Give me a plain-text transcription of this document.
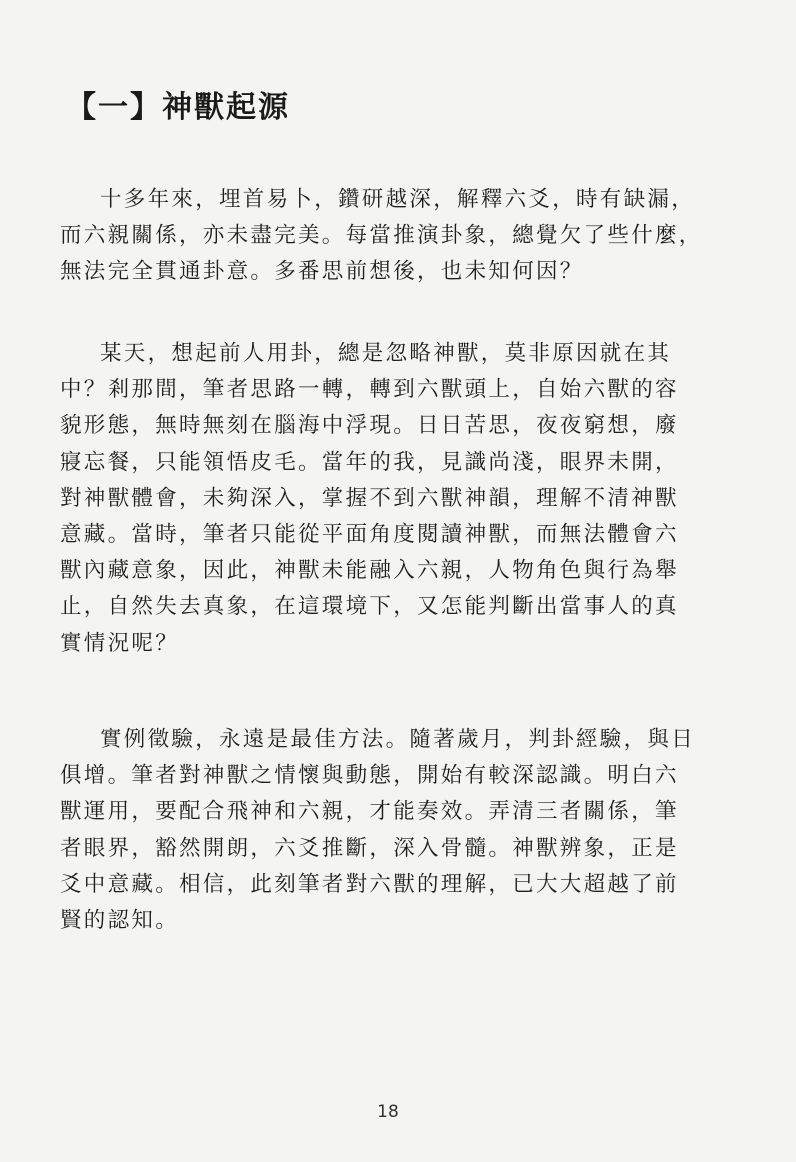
【一】神獸起源
十多年來，埋首易卜，鑽研越深，解釋六爻，時有缺漏，
而六親關係，亦未盡完美。每當推演卦象，總覺欠了些什麼，
無法完全貫通卦意。多番思前想後，也未知何因？
某天，想起前人用卦，總是忽略神獸，莫非原因就在其
中？剎那間，筆者思路一轉，轉到六獸頭上，自始六獸的容
貌形態，無時無刻在腦海中浮現。日日苦思，夜夜窮想，廢
寢忘餐，只能領悟皮毛。當年的我，見識尚淺，眼界未開，
對神獸體會，未夠深入，掌握不到六獸神韻，理解不清神獸
意藏。當時，筆者只能從平面角度閱讀神獸，而無法體會六
獸內藏意象，因此，神獸未能融入六親，人物角色與行為舉
止，自然失去真象，在這環境下，又怎能判斷出當事人的真
實情況呢？
實例徵驗，永遠是最佳方法。隨著歲月，判卦經驗，與日
俱增。筆者對神獸之情懷與動態，開始有較深認識。明白六
獸運用，要配合飛神和六親，才能奏效。弄清三者關係，筆
者眼界，豁然開朗，六爻推斷，深入骨髓。神獸辨象，正是
爻中意藏。相信，此刻筆者對六獸的理解，已大大超越了前
賢的認知。
18
